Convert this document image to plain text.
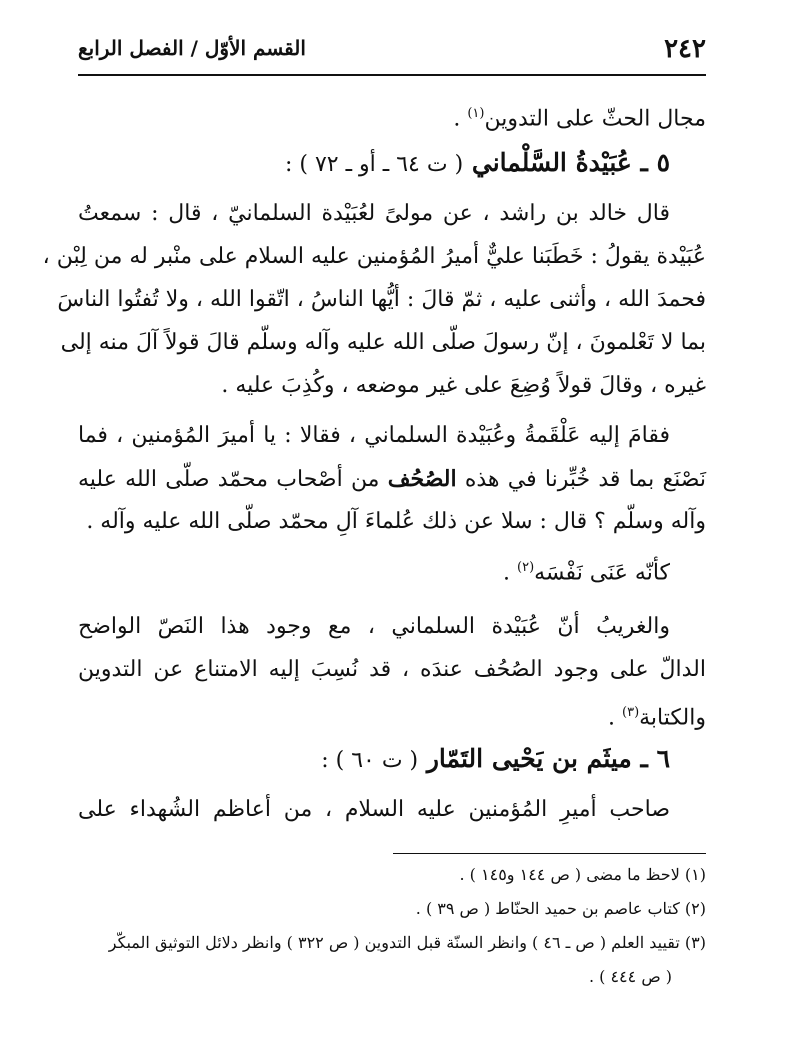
٢٤٢
القسم الأوّل / الفصل الرابع
مجال الحثّ على التدوين$^{(١)}$ .
٥ ـ عُبَيْدةُ السَّلْماني ( ت ٦٤ ـ أو ـ ٧٢ ) :
قال خالد بن راشد ، عن مولىً لعُبَيْدة السلمانيّ ، قال : سمعتُ
عُبَيْدة يقولُ : خَطَبَنا عليٌّ أميرُ المُؤمنين عليه السلام على منْبر له من لِبْن ،
فحمدَ الله ، وأثنى عليه ، ثمّ قالَ : أيُّها الناسُ ، اتّقوا الله ، ولا تُفتُوا الناسَ
بما لا تَعْلمونَ ، إنّ رسولَ صلّى الله عليه وآله وسلّم قالَ قولاً آلَ منه إلى
غيره ، وقالَ قولاً وُضِعَ على غير موضعه ، وكُذِبَ عليه .
فقامَ إليه عَلْقَمةُ وعُبَيْدة السلماني ، فقالا : يا أميرَ المُؤمنين ، فما
نَصْنَع بما قد خُبِّرنا في هذه الصُحُف من أصْحاب محمّد صلّى الله عليه
وآله وسلّم ؟ قال : سلا عن ذلك عُلماءَ آلِ محمّد صلّى الله عليه وآله .
كأنّه عَنَى نَفْسَه$^{(٢)}$ .
والغريبُ أنّ عُبَيْدة السلماني ، مع وجود هذا النَصّ الواضح
الدالّ على وجود الصُحُف عندَه ، قد نُسِبَ إليه الامتناع عن التدوين
والكتابة$^{(٣)}$ .
٦ ـ ميثَم بن يَحْيى التَمّار ( ت ٦٠ ) :
صاحب أميرِ المُؤمنين عليه السلام ، من أعاظم الشُهداء على
(١) لاحظ ما مضى ( ص ١٤٤ و١٤٥ ) .
(٢) كتاب عاصم بن حميد الحنّاط ( ص ٣٩ ) .
(٣) تقييد العلم ( ص ـ ٤٦ ) وانظر السنّة قبل التدوين ( ص ٣٢٢ ) وانظر دلائل التوثيق المبكّر
( ص ٤٤٤ ) .
